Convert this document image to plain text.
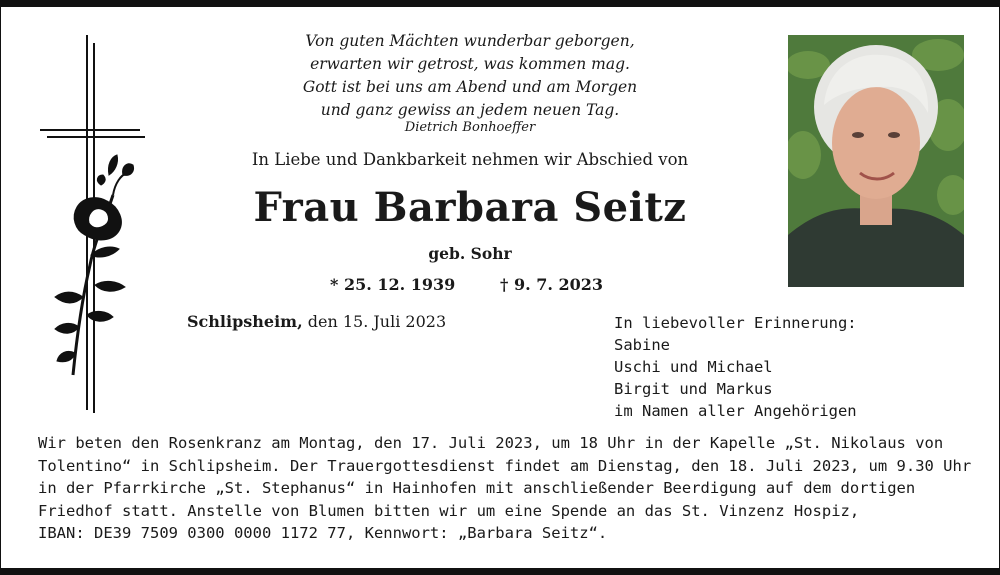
Von guten Mächten wunderbar geborgen,
erwarten wir getrost, was kommen mag.
Gott ist bei uns am Abend und am Morgen
und ganz gewiss an jedem neuen Tag.
Dietrich Bonhoeffer
In Liebe und Dankbarkeit nehmen wir Abschied von
Frau Barbara Seitz
geb. Sohr
* 25. 12. 1939	† 9. 7. 2023
Schlipsheim, den 15. Juli 2023	In liebevoller Erinnerung:
Sabine
Uschi und Michael
Birgit und Markus
im Namen aller Angehörigen
Wir beten den Rosenkranz am Montag, den 17. Juli 2023, um 18 Uhr in der Kapelle „St. Nikolaus von
Tolentino“ in Schlipsheim. Der Trauergottesdienst findet am Dienstag, den 18. Juli 2023, um 9.30 Uhr
in der Pfarrkirche „St. Stephanus“ in Hainhofen mit anschließender Beerdigung auf dem dortigen
Friedhof statt. Anstelle von Blumen bitten wir um eine Spende an das St. Vinzenz Hospiz,
IBAN: DE39 7509 0300 0000 1172 77, Kennwort: „Barbara Seitz“.
